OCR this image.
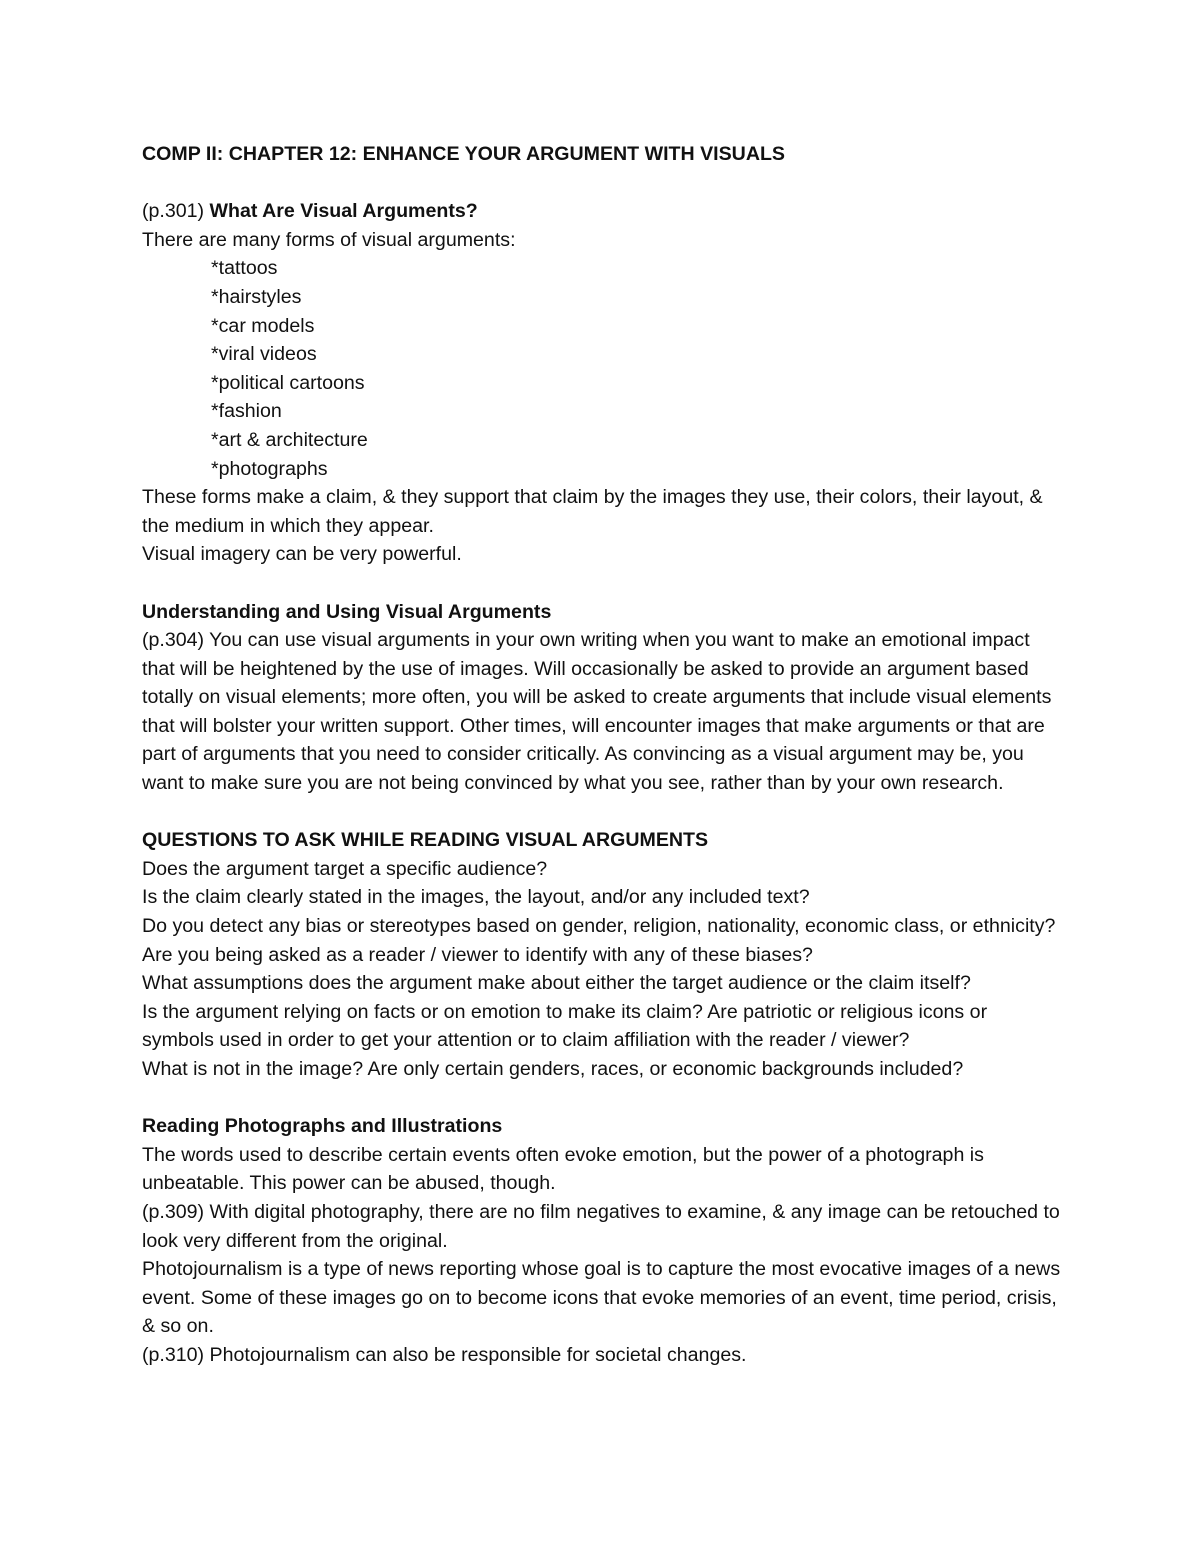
COMP II: CHAPTER 12: ENHANCE YOUR ARGUMENT WITH VISUALS
(p.301) What Are Visual Arguments?
There are many forms of visual arguments:
*tattoos
*hairstyles
*car models
*viral videos
*political cartoons
*fashion
*art & architecture
*photographs
These forms make a claim, & they support that claim by the images they use, their colors, their layout, & the medium in which they appear.
Visual imagery can be very powerful.
Understanding and Using Visual Arguments
(p.304) You can use visual arguments in your own writing when you want to make an emotional impact that will be heightened by the use of images. Will occasionally be asked to provide an argument based totally on visual elements; more often, you will be asked to create arguments that include visual elements that will bolster your written support. Other times, will encounter images that make arguments or that are part of arguments that you need to consider critically. As convincing as a visual argument may be, you want to make sure you are not being convinced by what you see, rather than by your own research.
QUESTIONS TO ASK WHILE READING VISUAL ARGUMENTS
Does the argument target a specific audience?
Is the claim clearly stated in the images, the layout, and/or any included text?
Do you detect any bias or stereotypes based on gender, religion, nationality, economic class, or ethnicity? Are you being asked as a reader / viewer to identify with any of these biases?
What assumptions does the argument make about either the target audience or the claim itself?
Is the argument relying on facts or on emotion to make its claim? Are patriotic or religious icons or symbols used in order to get your attention or to claim affiliation with the reader / viewer?
What is not in the image? Are only certain genders, races, or economic backgrounds included?
Reading Photographs and Illustrations
The words used to describe certain events often evoke emotion, but the power of a photograph is unbeatable. This power can be abused, though.
(p.309) With digital photography, there are no film negatives to examine, & any image can be retouched to look very different from the original.
Photojournalism is a type of news reporting whose goal is to capture the most evocative images of a news event. Some of these images go on to become icons that evoke memories of an event, time period, crisis, & so on.
(p.310) Photojournalism can also be responsible for societal changes.
